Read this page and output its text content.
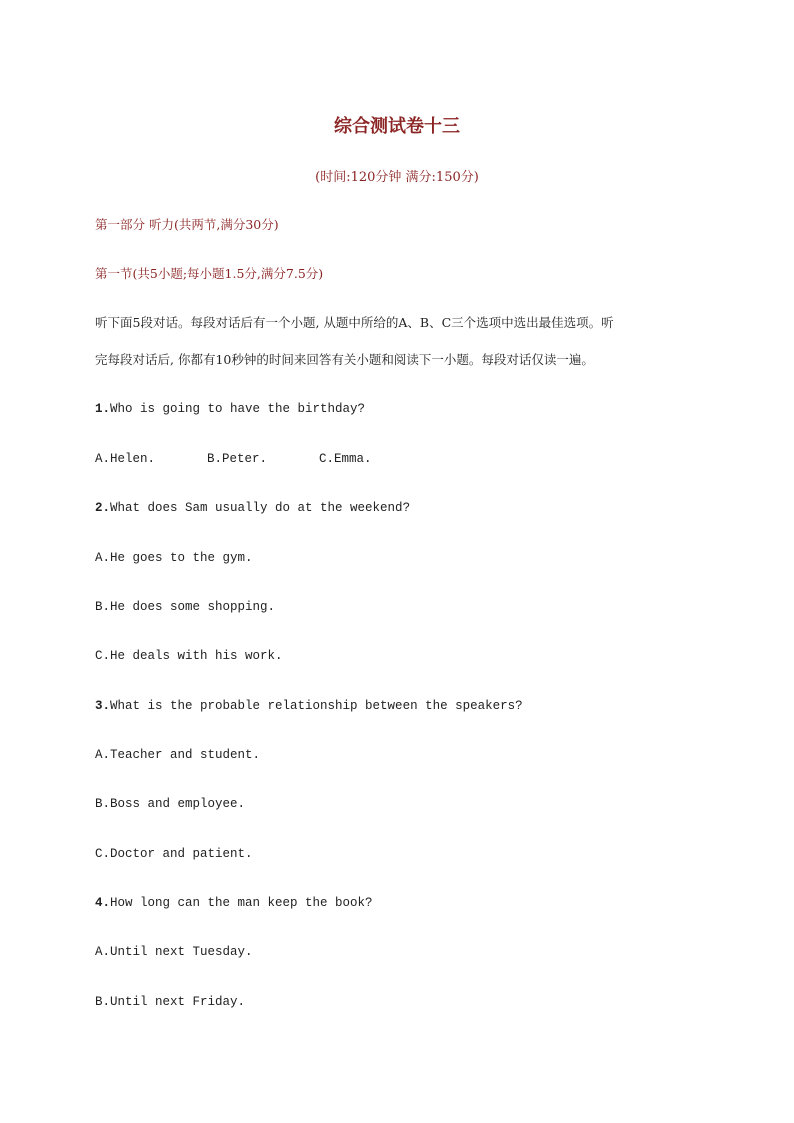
综合测试卷十三
(时间:120分钟 满分:150分)
第一部分 听力(共两节,满分30分)
第一节(共5小题;每小题1.5分,满分7.5分)
听下面5段对话。每段对话后有一个小题, 从题中所给的A、B、C三个选项中选出最佳选项。听
完每段对话后, 你都有10秒钟的时间来回答有关小题和阅读下一小题。每段对话仅读一遍。
1.Who is going to have the birthday?
A.Helen.	B.Peter.	C.Emma.
2.What does Sam usually do at the weekend?
A.He goes to the gym.
B.He does some shopping.
C.He deals with his work.
3.What is the probable relationship between the speakers?
A.Teacher and student.
B.Boss and employee.
C.Doctor and patient.
4.How long can the man keep the book?
A.Until next Tuesday.
B.Until next Friday.
